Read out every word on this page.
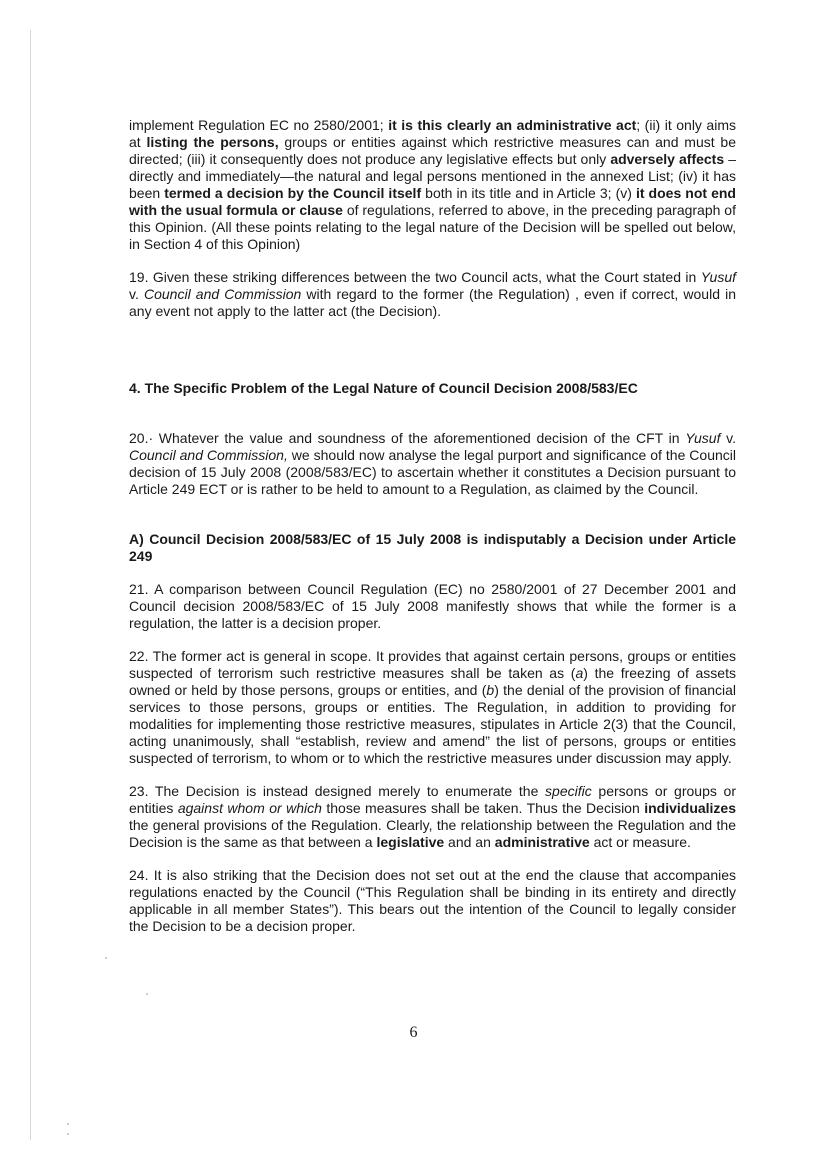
implement Regulation EC no 2580/2001; it is this clearly an administrative act; (ii) it only aims at listing the persons, groups or entities against which restrictive measures can and must be directed; (iii) it consequently does not produce any legislative effects but only adversely affects – directly and immediately—the natural and legal persons mentioned in the annexed List; (iv) it has been termed a decision by the Council itself both in its title and in Article 3; (v) it does not end with the usual formula or clause of regulations, referred to above, in the preceding paragraph of this Opinion. (All these points relating to the legal nature of the Decision will be spelled out below, in Section 4 of this Opinion)

19. Given these striking differences between the two Council acts, what the Court stated in Yusuf v. Council and Commission with regard to the former (the Regulation) , even if correct, would in any event not apply to the latter act (the Decision).

4. The Specific Problem of the Legal Nature of Council Decision 2008/583/EC

20.· Whatever the value and soundness of the aforementioned decision of the CFT in Yusuf v. Council and Commission, we should now analyse the legal purport and significance of the Council decision of 15 July 2008 (2008/583/EC) to ascertain whether it constitutes a Decision pursuant to Article 249 ECT or is rather to be held to amount to a Regulation, as claimed by the Council.

A) Council Decision 2008/583/EC of 15 July 2008 is indisputably a Decision under Article 249

21. A comparison between Council Regulation (EC) no 2580/2001 of 27 December 2001 and Council decision 2008/583/EC of 15 July 2008 manifestly shows that while the former is a regulation, the latter is a decision proper.

22. The former act is general in scope. It provides that against certain persons, groups or entities suspected of terrorism such restrictive measures shall be taken as (a) the freezing of assets owned or held by those persons, groups or entities, and (b) the denial of the provision of financial services to those persons, groups or entities. The Regulation, in addition to providing for modalities for implementing those restrictive measures, stipulates in Article 2(3) that the Council, acting unanimously, shall “establish, review and amend” the list of persons, groups or entities suspected of terrorism, to whom or to which the restrictive measures under discussion may apply.

23. The Decision is instead designed merely to enumerate the specific persons or groups or entities against whom or which those measures shall be taken. Thus the Decision individualizes the general provisions of the Regulation. Clearly, the relationship between the Regulation and the Decision is the same as that between a legislative and an administrative act or measure.

24. It is also striking that the Decision does not set out at the end the clause that accompanies regulations enacted by the Council (“This Regulation shall be binding in its entirety and directly applicable in all member States”). This bears out the intention of the Council to legally consider the Decision to be a decision proper.

6
